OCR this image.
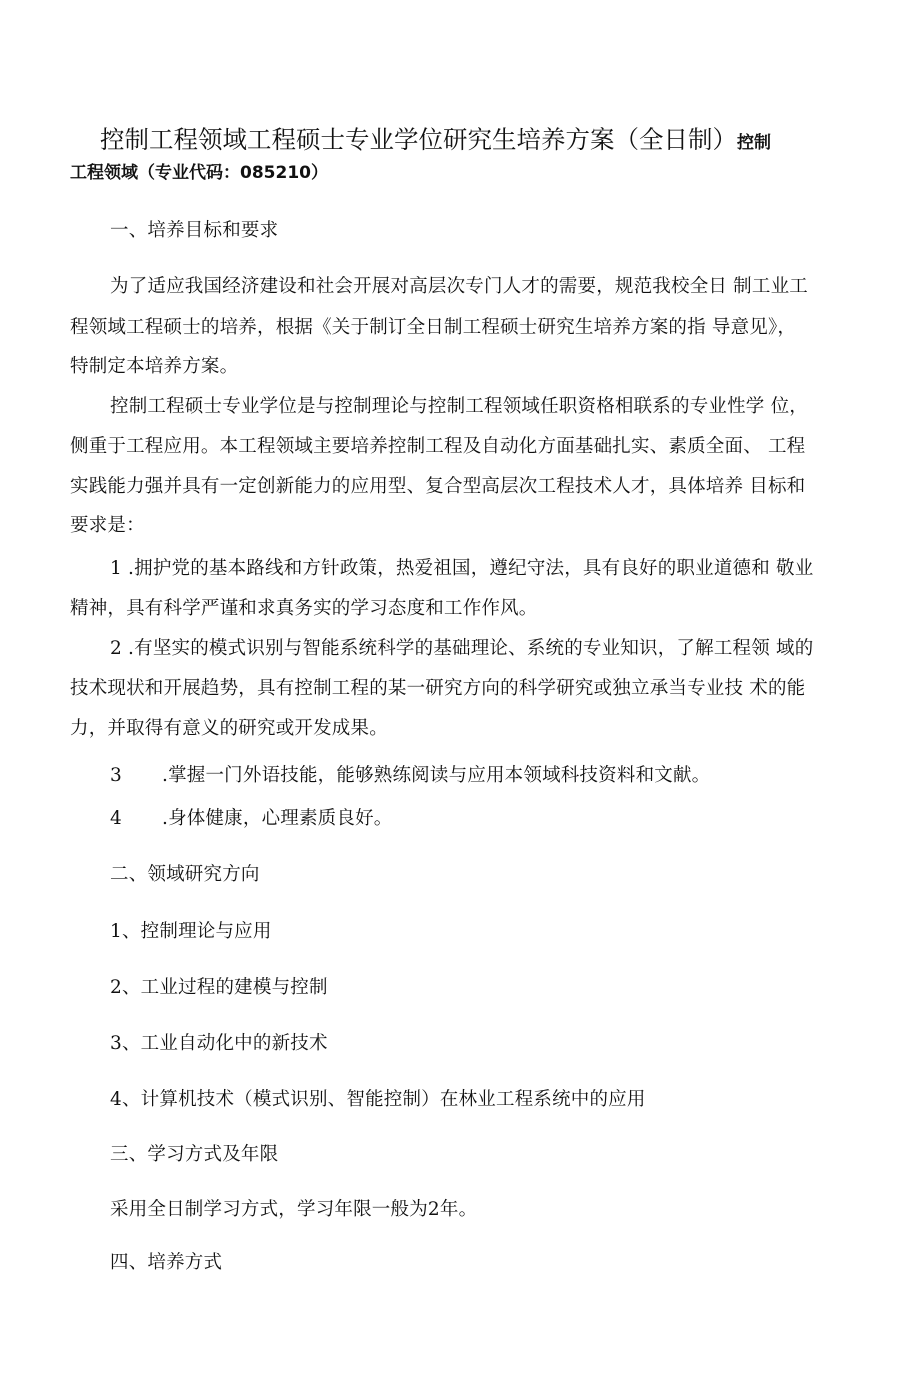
控制工程领域工程硕士专业学位研究生培养方案（全日制）控制
工程领域（专业代码：085210）
一、培养目标和要求
为了适应我国经济建设和社会开展对高层次专门人才的需要，规范我校全日 制工业工
程领域工程硕士的培养，根据《关于制订全日制工程硕士研究生培养方案的指 导意见》，
特制定本培养方案。
控制工程硕士专业学位是与控制理论与控制工程领域任职资格相联系的专业性学 位，
侧重于工程应用。本工程领域主要培养控制工程及自动化方面基础扎实、素质全面、 工程
实践能力强并具有一定创新能力的应用型、复合型高层次工程技术人才，具体培养 目标和
要求是：
1 .拥护党的基本路线和方针政策，热爱祖国，遵纪守法，具有良好的职业道德和 敬业
精神，具有科学严谨和求真务实的学习态度和工作作风。
2 .有坚实的模式识别与智能系统科学的基础理论、系统的专业知识，了解工程领 域的
技术现状和开展趋势，具有控制工程的某一研究方向的科学研究或独立承当专业技 术的能
力，并取得有意义的研究或开发成果。
3 .掌握一门外语技能，能够熟练阅读与应用本领域科技资料和文献。
4 .身体健康，心理素质良好。
二、领域研究方向
1、控制理论与应用
2、工业过程的建模与控制
3、工业自动化中的新技术
4、计算机技术（模式识别、智能控制）在林业工程系统中的应用
三、学习方式及年限
采用全日制学习方式，学习年限一般为2年。
四、培养方式
